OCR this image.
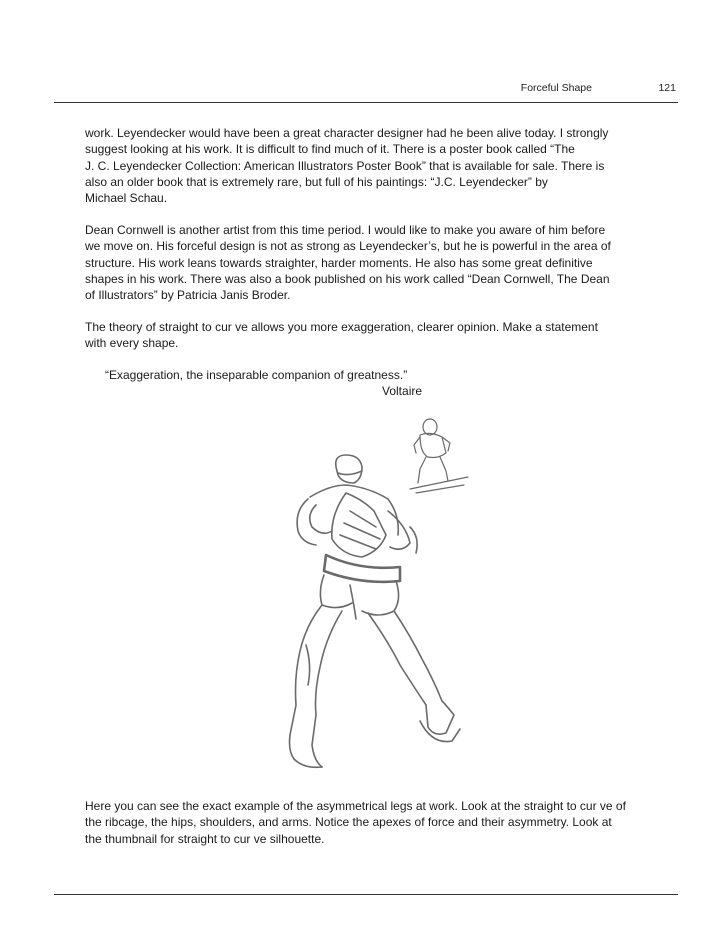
Forceful Shape	121

work. Leyendecker would have been a great character designer had he been alive today. I strongly
suggest looking at his work. It is difficult to find much of it. There is a poster book called “The
J. C. Leyendecker Collection: American Illustrators Poster Book” that is available for sale. There is
also an older book that is extremely rare, but full of his paintings: “J.C. Leyendecker” by
Michael Schau.

Dean Cornwell is another artist from this time period. I would like to make you aware of him before
we move on. His forceful design is not as strong as Leyendecker’s, but he is powerful in the area of
structure. His work leans towards straighter, harder moments. He also has some great definitive
shapes in his work. There was also a book published on his work called “Dean Cornwell, The Dean
of Illustrators” by Patricia Janis Broder.

The theory of straight to cur ve allows you more exaggeration, clearer opinion. Make a statement
with every shape.

“Exaggeration, the inseparable companion of greatness.”
Voltaire

Here you can see the exact example of the asymmetrical legs at work. Look at the straight to cur ve of
the ribcage, the hips, shoulders, and arms. Notice the apexes of force and their asymmetry. Look at
the thumbnail for straight to cur ve silhouette.
